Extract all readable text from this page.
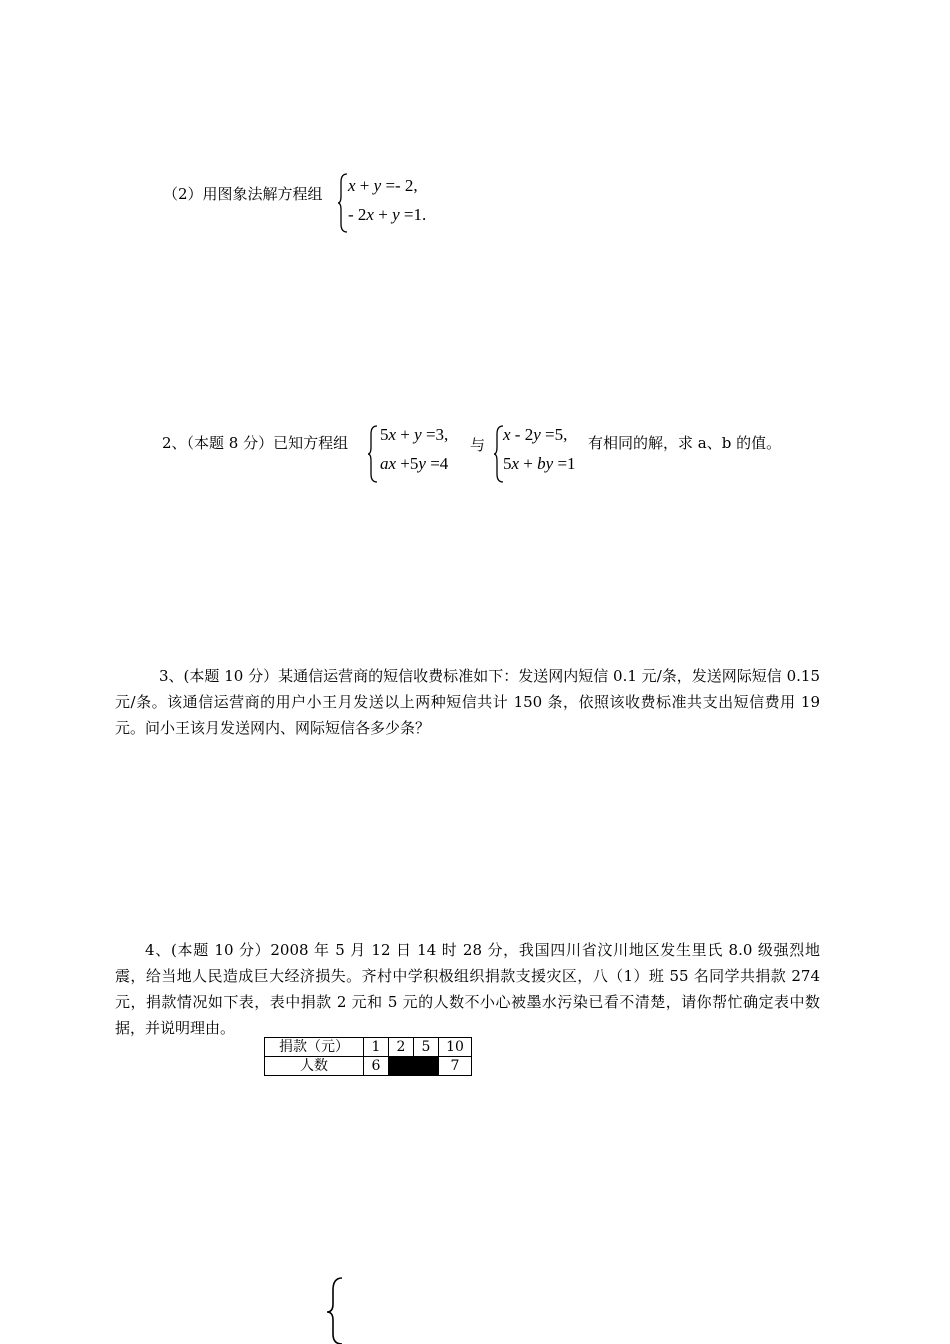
（2）用图象法解方程组 x + y =- 2,
- 2x + y =1.
2、（本题 8 分）已知方程组 5x + y =3,
ax +5y =4
与
x - 2y =5,
5x + by =1
有相同的解，求 a、b 的值。
3、(本题 10 分）某通信运营商的短信收费标准如下：发送网内短信 0.1 元/条，发送网际短信 0.15 元/条。该通信运营商的用户小王月发送以上两种短信共计 150 条，依照该收费标准共支出短信费用 19 元。问小王该月发送网内、网际短信各多少条？
4、(本题 10 分）2008 年 5 月 12 日 14 时 28 分，我国四川省汶川地区发生里氏 8.0 级强烈地震，给当地人民造成巨大经济损失。齐村中学积极组织捐款支援灾区，八（1）班 55 名同学共捐款 274 元，捐款情况如下表，表中捐款 2 元和 5 元的人数不小心被墨水污染已看不清楚，请你帮忙确定表中数据，并说明理由。
捐款（元）	1	2	5	10
人数	6			7
